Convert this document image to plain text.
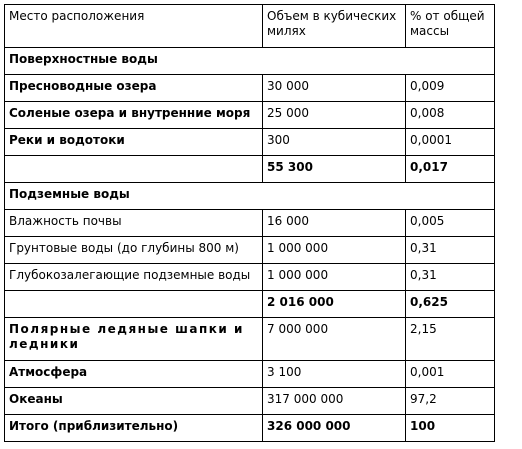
Место расположения	Объем в кубических милях	% от общей массы
Поверхностные воды		
Пресноводные озера	30 000	0,009
Соленые озера и внутренние моря	25 000	0,008
Реки и водотоки	300	0,0001
	55 300	0,017
Подземные воды		
Влажность почвы	16 000	0,005
Грунтовые воды (до глубины 800 м)	1 000 000	0,31
Глубокозалегающие подземные воды	1 000 000	0,31
	2 016 000	0,625
Полярные ледяные шапки и ледники	7 000 000	2,15
Атмосфера	3 100	0,001
Океаны	317 000 000	97,2
Итого (приблизительно)	326 000 000	100
